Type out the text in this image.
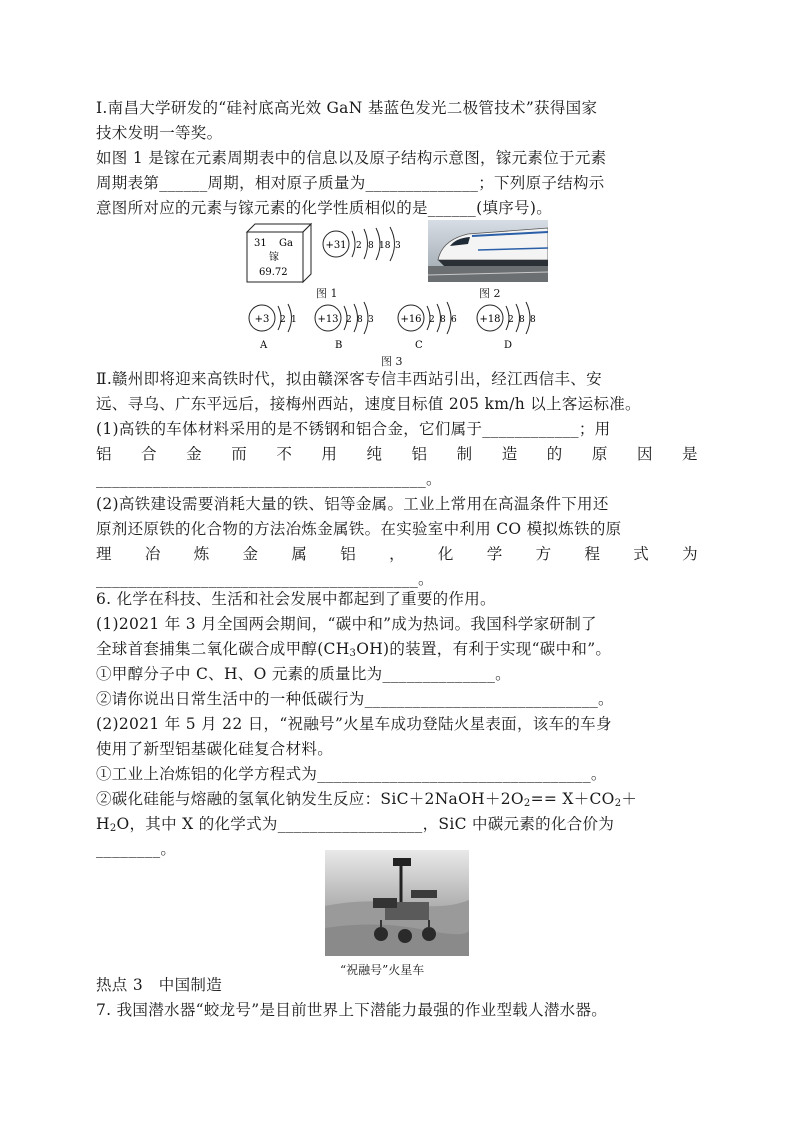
Ⅰ.南昌大学研发的“硅衬底高光效 GaN 基蓝色发光二极管技术”获得国家
技术发明一等奖。
如图 1 是镓在元素周期表中的信息以及原子结构示意图，镓元素位于元素
周期表第______周期，相对原子质量为______________；下列原子结构示
意图所对应的元素与镓元素的化学性质相似的是______(填序号)。
31 Ga
镓
69.72
+31 2 8 18 3
图 1	图 2
+3 2 1
A
+13 2 8 3
B
+16 2 8 6
C
+18 2 8 8
D
图 3
Ⅱ.赣州即将迎来高铁时代，拟由赣深客专信丰西站引出，经江西信丰、安
远、寻乌、广东平远后，接梅州西站，速度目标值 205 km/h 以上客运标准。
(1)高铁的车体材料采用的是不锈钢和铝合金，它们属于____________；用
铝 合 金 而 不 用 纯 铝 制 造 的 原 因 是
_________________________________________。
(2)高铁建设需要消耗大量的铁、铝等金属。工业上常用在高温条件下用还
原剂还原铁的化合物的方法冶炼金属铁。在实验室中利用 CO 模拟炼铁的原
理 冶 炼 金 属 铝 ， 化 学 方 程 式 为
________________________________________。
6. 化学在科技、生活和社会发展中都起到了重要的作用。
(1)2021 年 3 月全国两会期间，“碳中和”成为热词。我国科学家研制了
全球首套捕集二氧化碳合成甲醇$(CH_3OH)$的装置，有利于实现“碳中和”。
①甲醇分子中 C、H、O 元素的质量比为______________。
②请你说出日常生活中的一种低碳行为_____________________________。
(2)2021 年 5 月 22 日，“祝融号”火星车成功登陆火星表面，该车的车身
使用了新型铝基碳化硅复合材料。
①工业上冶炼铝的化学方程式为__________________________________。
②碳化硅能与熔融的氢氧化钠发生反应：$SiC+2NaOH+2O_2== X+CO_2+$
$H_2O$，其中 X 的化学式为__________________，SiC 中碳元素的化合价为
________。
“祝融号”火星车
热点 3　中国制造
7. 我国潜水器“蛟龙号”是目前世界上下潜能力最强的作业型载人潜水器。
